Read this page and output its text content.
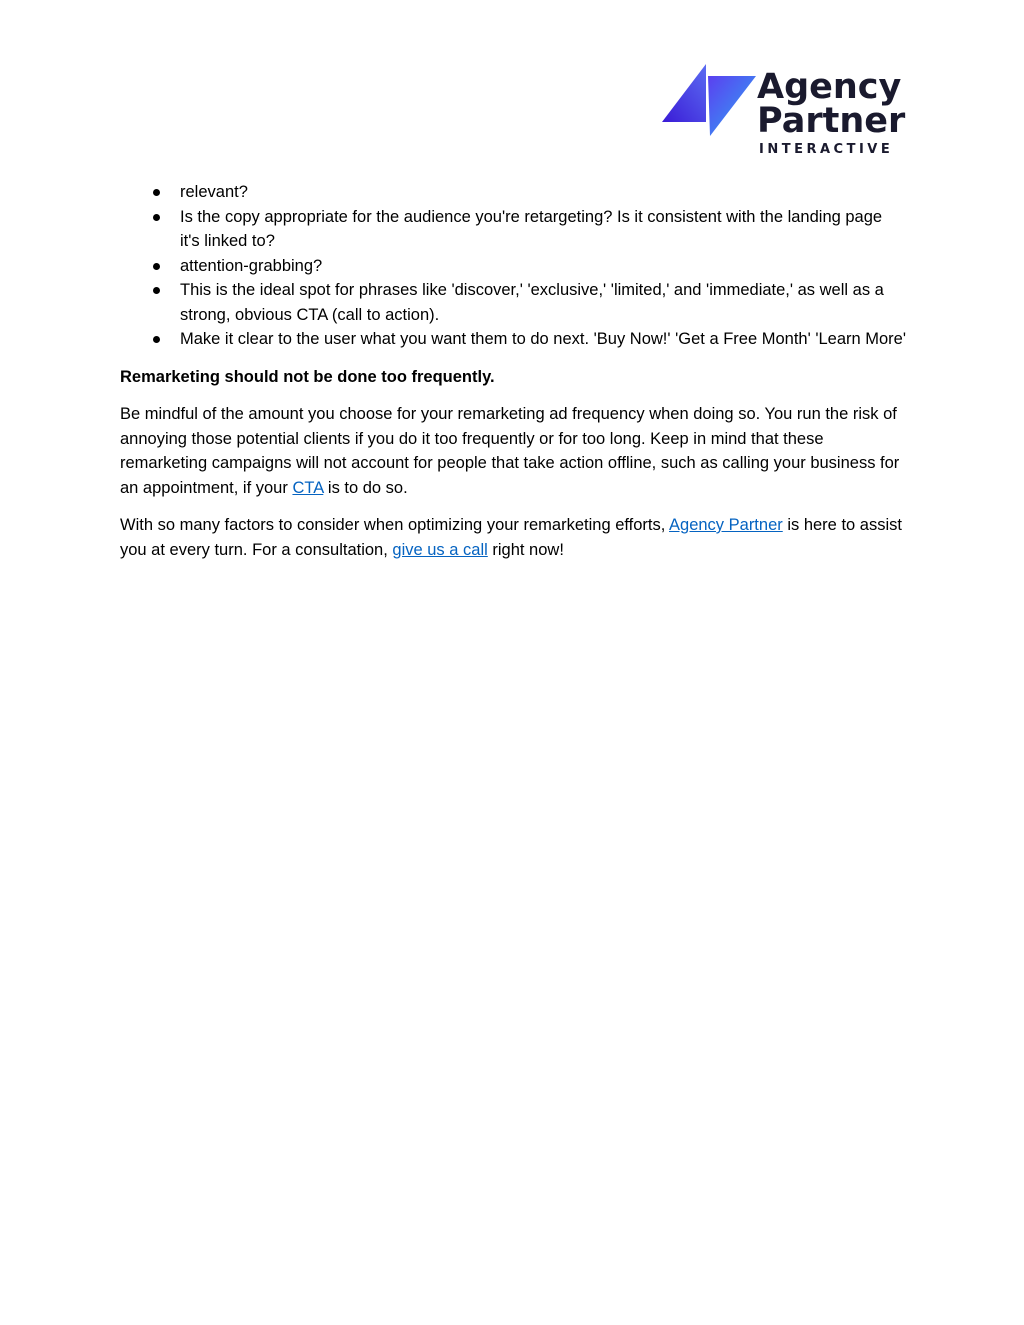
Agency
Partner
INTERACTIVE
relevant?
Is the copy appropriate for the audience you're retargeting? Is it consistent with the landing page it's linked to?
attention-grabbing?
This is the ideal spot for phrases like 'discover,' 'exclusive,' 'limited,' and 'immediate,' as well as a strong, obvious CTA (call to action).
Make it clear to the user what you want them to do next. 'Buy Now!' 'Get a Free Month' 'Learn More'

Remarketing should not be done too frequently.

Be mindful of the amount you choose for your remarketing ad frequency when doing so. You run the risk of annoying those potential clients if you do it too frequently or for too long. Keep in mind that these remarketing campaigns will not account for people that take action offline, such as calling your business for an appointment, if your CTA is to do so.

With so many factors to consider when optimizing your remarketing efforts, Agency Partner is here to assist you at every turn. For a consultation, give us a call right now!
